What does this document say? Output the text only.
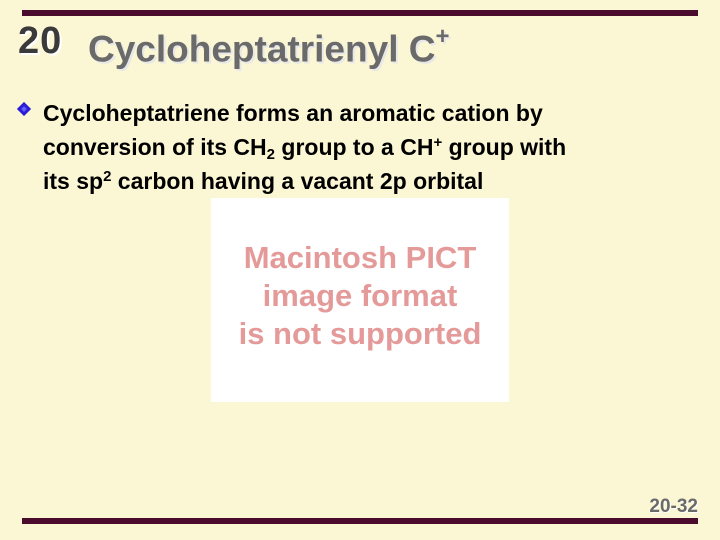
20 Cycloheptatrienyl C+
Cycloheptatriene forms an aromatic cation by
conversion of its $CH_2$ group to a CH+ group with
its $sp^2$ carbon having a vacant 2p orbital
Macintosh PICT
image format
is not supported
20-32
